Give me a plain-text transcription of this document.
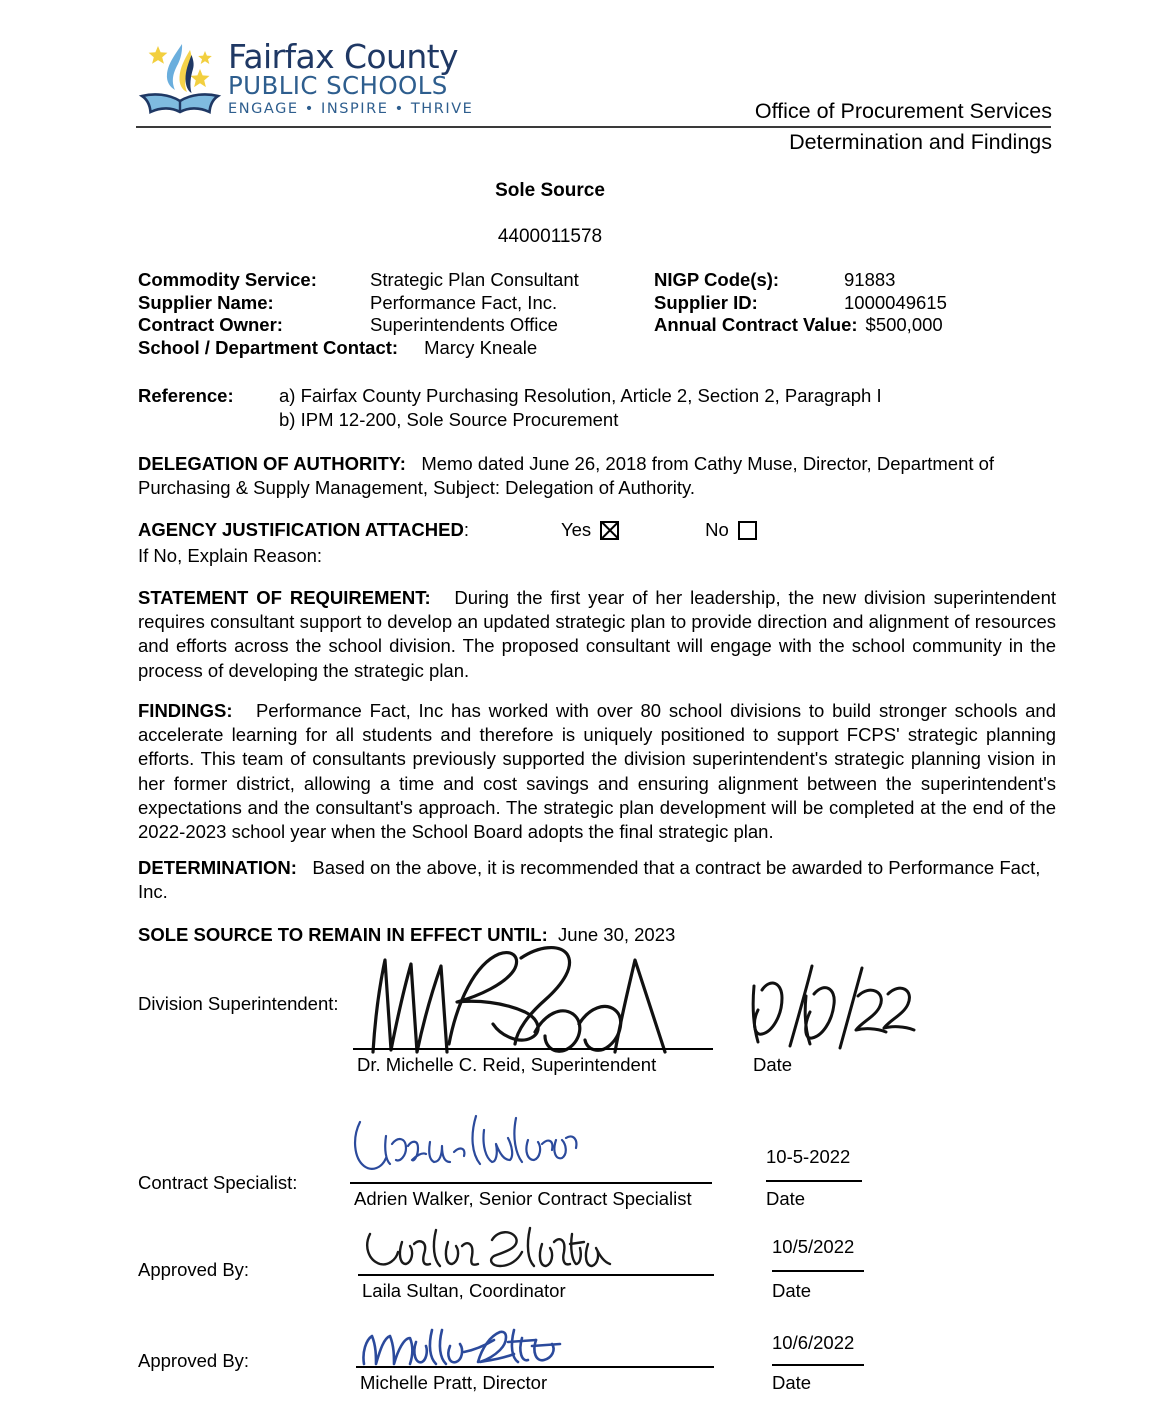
Fairfax County
PUBLIC SCHOOLS
ENGAGE • INSPIRE • THRIVE	Office of Procurement Services
Determination and Findings
Sole Source
4400011578
Commodity Service:	Strategic Plan Consultant	NIGP Code(s):	91883
Supplier Name:	Performance Fact, Inc.	Supplier ID:	1000049615
Contract Owner:	Superintendents Office	Annual Contract Value: $500,000
School / Department Contact:	Marcy Kneale
Reference:	a) Fairfax County Purchasing Resolution, Article 2, Section 2, Paragraph I
b) IPM 12-200, Sole Source Procurement
DELEGATION OF AUTHORITY: Memo dated June 26, 2018 from Cathy Muse, Director, Department of Purchasing & Supply Management, Subject: Delegation of Authority.
AGENCY JUSTIFICATION ATTACHED :	Yes	No
If No, Explain Reason:
STATEMENT OF REQUIREMENT: During the first year of her leadership, the new division superintendent requires consultant support to develop an updated strategic plan to provide direction and alignment of resources and efforts across the school division. The proposed consultant will engage with the school community in the process of developing the strategic plan.
FINDINGS: Performance Fact, Inc has worked with over 80 school divisions to build stronger schools and accelerate learning for all students and therefore is uniquely positioned to support FCPS' strategic planning efforts. This team of consultants previously supported the division superintendent's strategic planning vision in her former district, allowing a time and cost savings and ensuring alignment between the superintendent's expectations and the consultant's approach. The strategic plan development will be completed at the end of the 2022-2023 school year when the School Board adopts the final strategic plan.
DETERMINATION: Based on the above, it is recommended that a contract be awarded to Performance Fact, Inc.
SOLE SOURCE TO REMAIN IN EFFECT UNTIL: June 30, 2023
Division Superintendent:
Dr. Michelle C. Reid, Superintendent	Date
Contract Specialist:
Adrien Walker, Senior Contract Specialist
10-5-2022
Date
Approved By:
Laila Sultan, Coordinator
10/5/2022
Date
Approved By:
Michelle Pratt, Director
10/6/2022
Date
